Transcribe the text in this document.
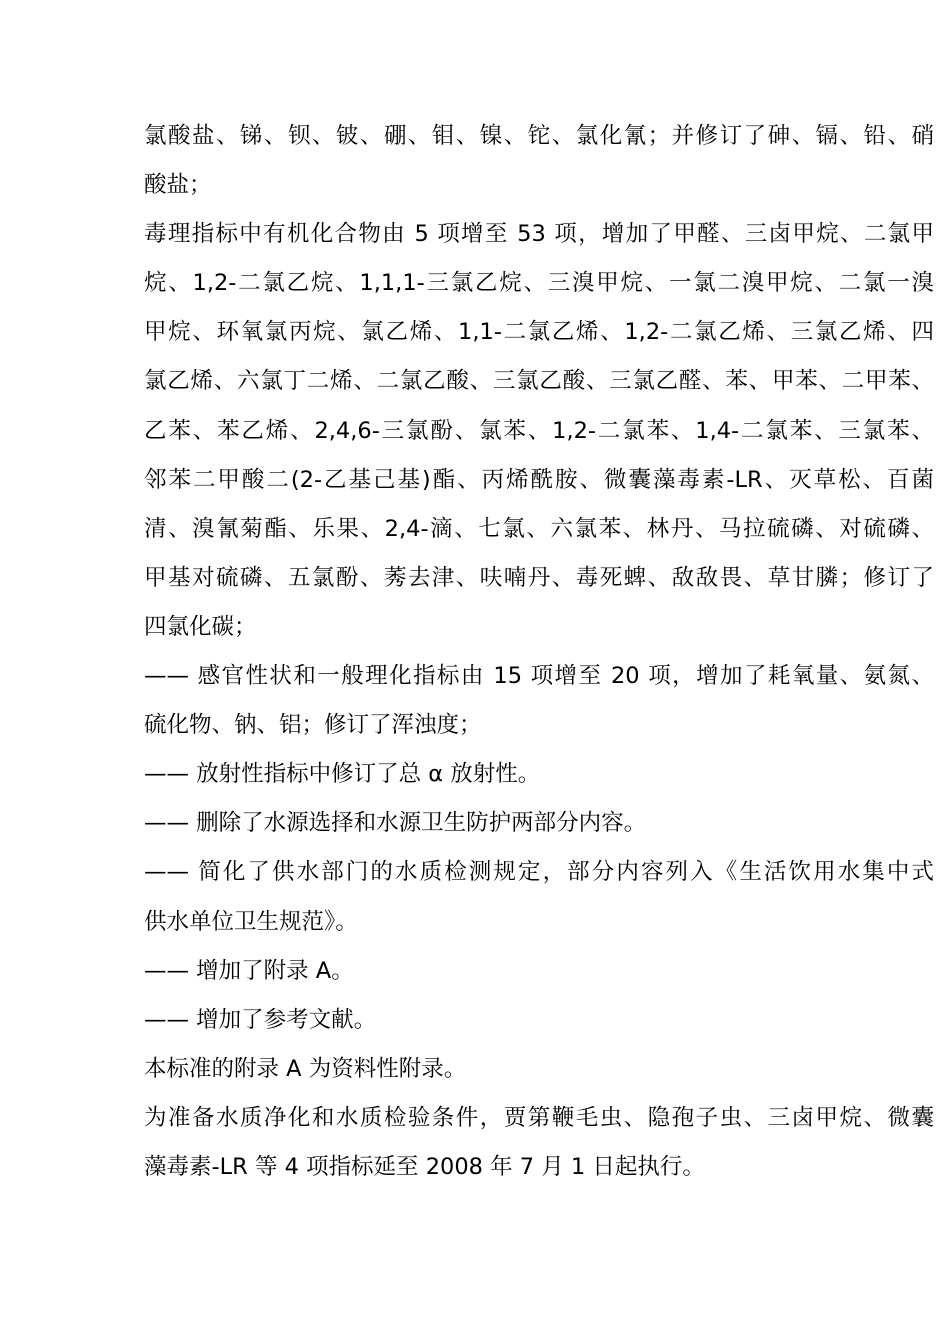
氯酸盐、锑、钡、铍、硼、钼、镍、铊、氯化氰；并修订了砷、镉、铅、硝
酸盐；
毒理指标中有机化合物由 5 项增至 53 项，增加了甲醛、三卤甲烷、二氯甲
烷、1,2-二氯乙烷、1,1,1-三氯乙烷、三溴甲烷、一氯二溴甲烷、二氯一溴
甲烷、环氧氯丙烷、氯乙烯、1,1-二氯乙烯、1,2-二氯乙烯、三氯乙烯、四
氯乙烯、六氯丁二烯、二氯乙酸、三氯乙酸、三氯乙醛、苯、甲苯、二甲苯、
乙苯、苯乙烯、2,4,6-三氯酚、氯苯、1,2-二氯苯、1,4-二氯苯、三氯苯、
邻苯二甲酸二(2-乙基己基)酯、丙烯酰胺、微囊藻毒素-LR、灭草松、百菌
清、溴氰菊酯、乐果、2,4-滴、七氯、六氯苯、林丹、马拉硫磷、对硫磷、
甲基对硫磷、五氯酚、莠去津、呋喃丹、毒死蜱、敌敌畏、草甘膦；修订了
四氯化碳；
—— 感官性状和一般理化指标由 15 项增至 20 项，增加了耗氧量、氨氮、
硫化物、钠、铝；修订了浑浊度；
—— 放射性指标中修订了总 α 放射性。
—— 删除了水源选择和水源卫生防护两部分内容。
—— 简化了供水部门的水质检测规定，部分内容列入《生活饮用水集中式
供水单位卫生规范》。
—— 增加了附录 A。
—— 增加了参考文献。
本标准的附录 A 为资料性附录。
为准备水质净化和水质检验条件，贾第鞭毛虫、隐孢子虫、三卤甲烷、微囊
藻毒素-LR 等 4 项指标延至 2008 年 7 月 1 日起执行。
